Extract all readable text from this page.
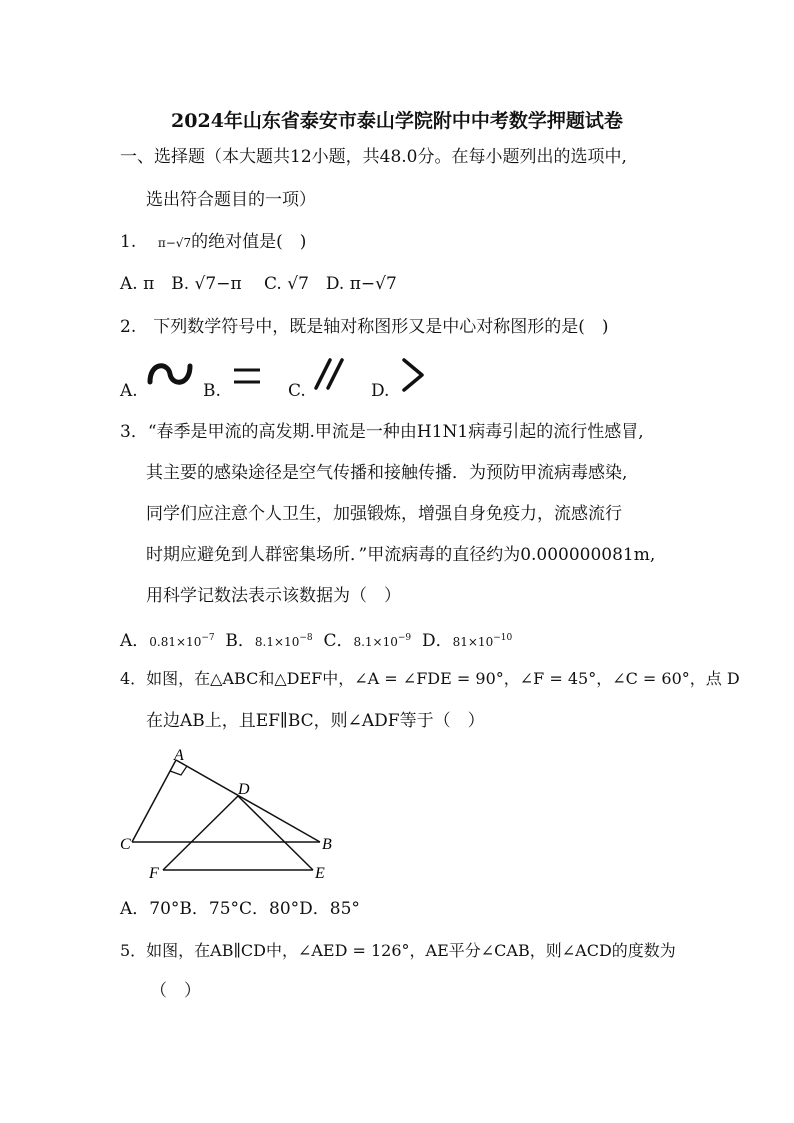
2024年山东省泰安市泰山学院附中中考数学押题试卷
一、选择题（本大题共12小题，共48.0分。在每小题列出的选项中,
选出符合题目的一项）
1. π−√7的绝对值是(　)
A. π　B. √7−π　 C. √7　D. π−√7
2.　下列数学符号中，既是轴对称图形又是中心对称图形的是(　)
A.	B.	C.	D.
3．“春季是甲流的高发期.甲流是一种由H1N1病毒引起的流行性感冒,
其主要的感染途径是空气传播和接触传播．为预防甲流病毒感染,
同学们应注意个人卫生，加强锻炼，增强自身免疫力，流感流行
时期应避免到人群密集场所．”甲流病毒的直径约为0.000000081m,
用科学记数法表示该数据为（　）
A．$0.81\times 10^{-7}$ B．$8.1\times 10^{-8}$ C．$8.1\times 10^{-9}$ D．$81\times 10^{-10}$
4．如图，在△ABC和△DEF中，∠A = ∠FDE = 90°，∠F = 45°，∠C = 60°，点 D
在边AB上，且EF∥BC，则∠ADF等于（　）
A
C	B
D
F	E
A．70°B．75°C．80°D．85°
5．如图，在AB∥CD中，∠AED = 126°，AE平分∠CAB，则∠ACD的度数为
（　）
